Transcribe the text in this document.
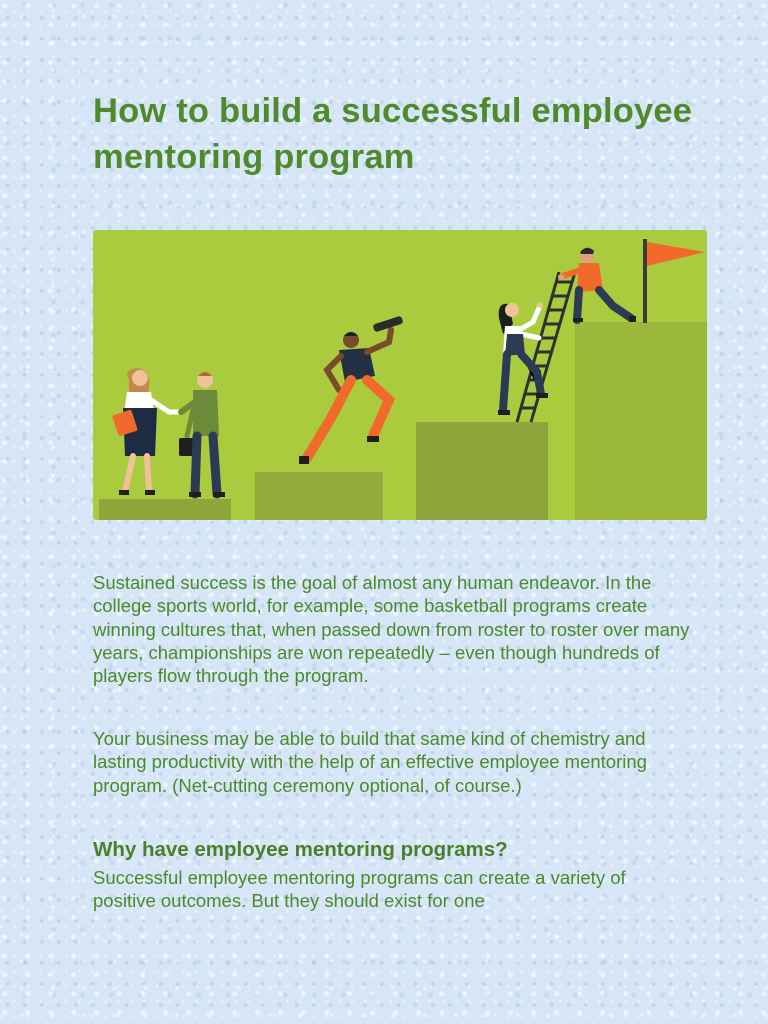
How to build a successful employee mentoring program

Sustained success is the goal of almost any human endeavor. In the college sports world, for example, some basketball programs create winning cultures that, when passed down from roster to roster over many years, championships are won repeatedly – even though hundreds of players flow through the program.

Your business may be able to build that same kind of chemistry and lasting productivity with the help of an effective employee mentoring program. (Net-cutting ceremony optional, of course.)

Why have employee mentoring programs?

Successful employee mentoring programs can create a variety of positive outcomes. But they should exist for one
